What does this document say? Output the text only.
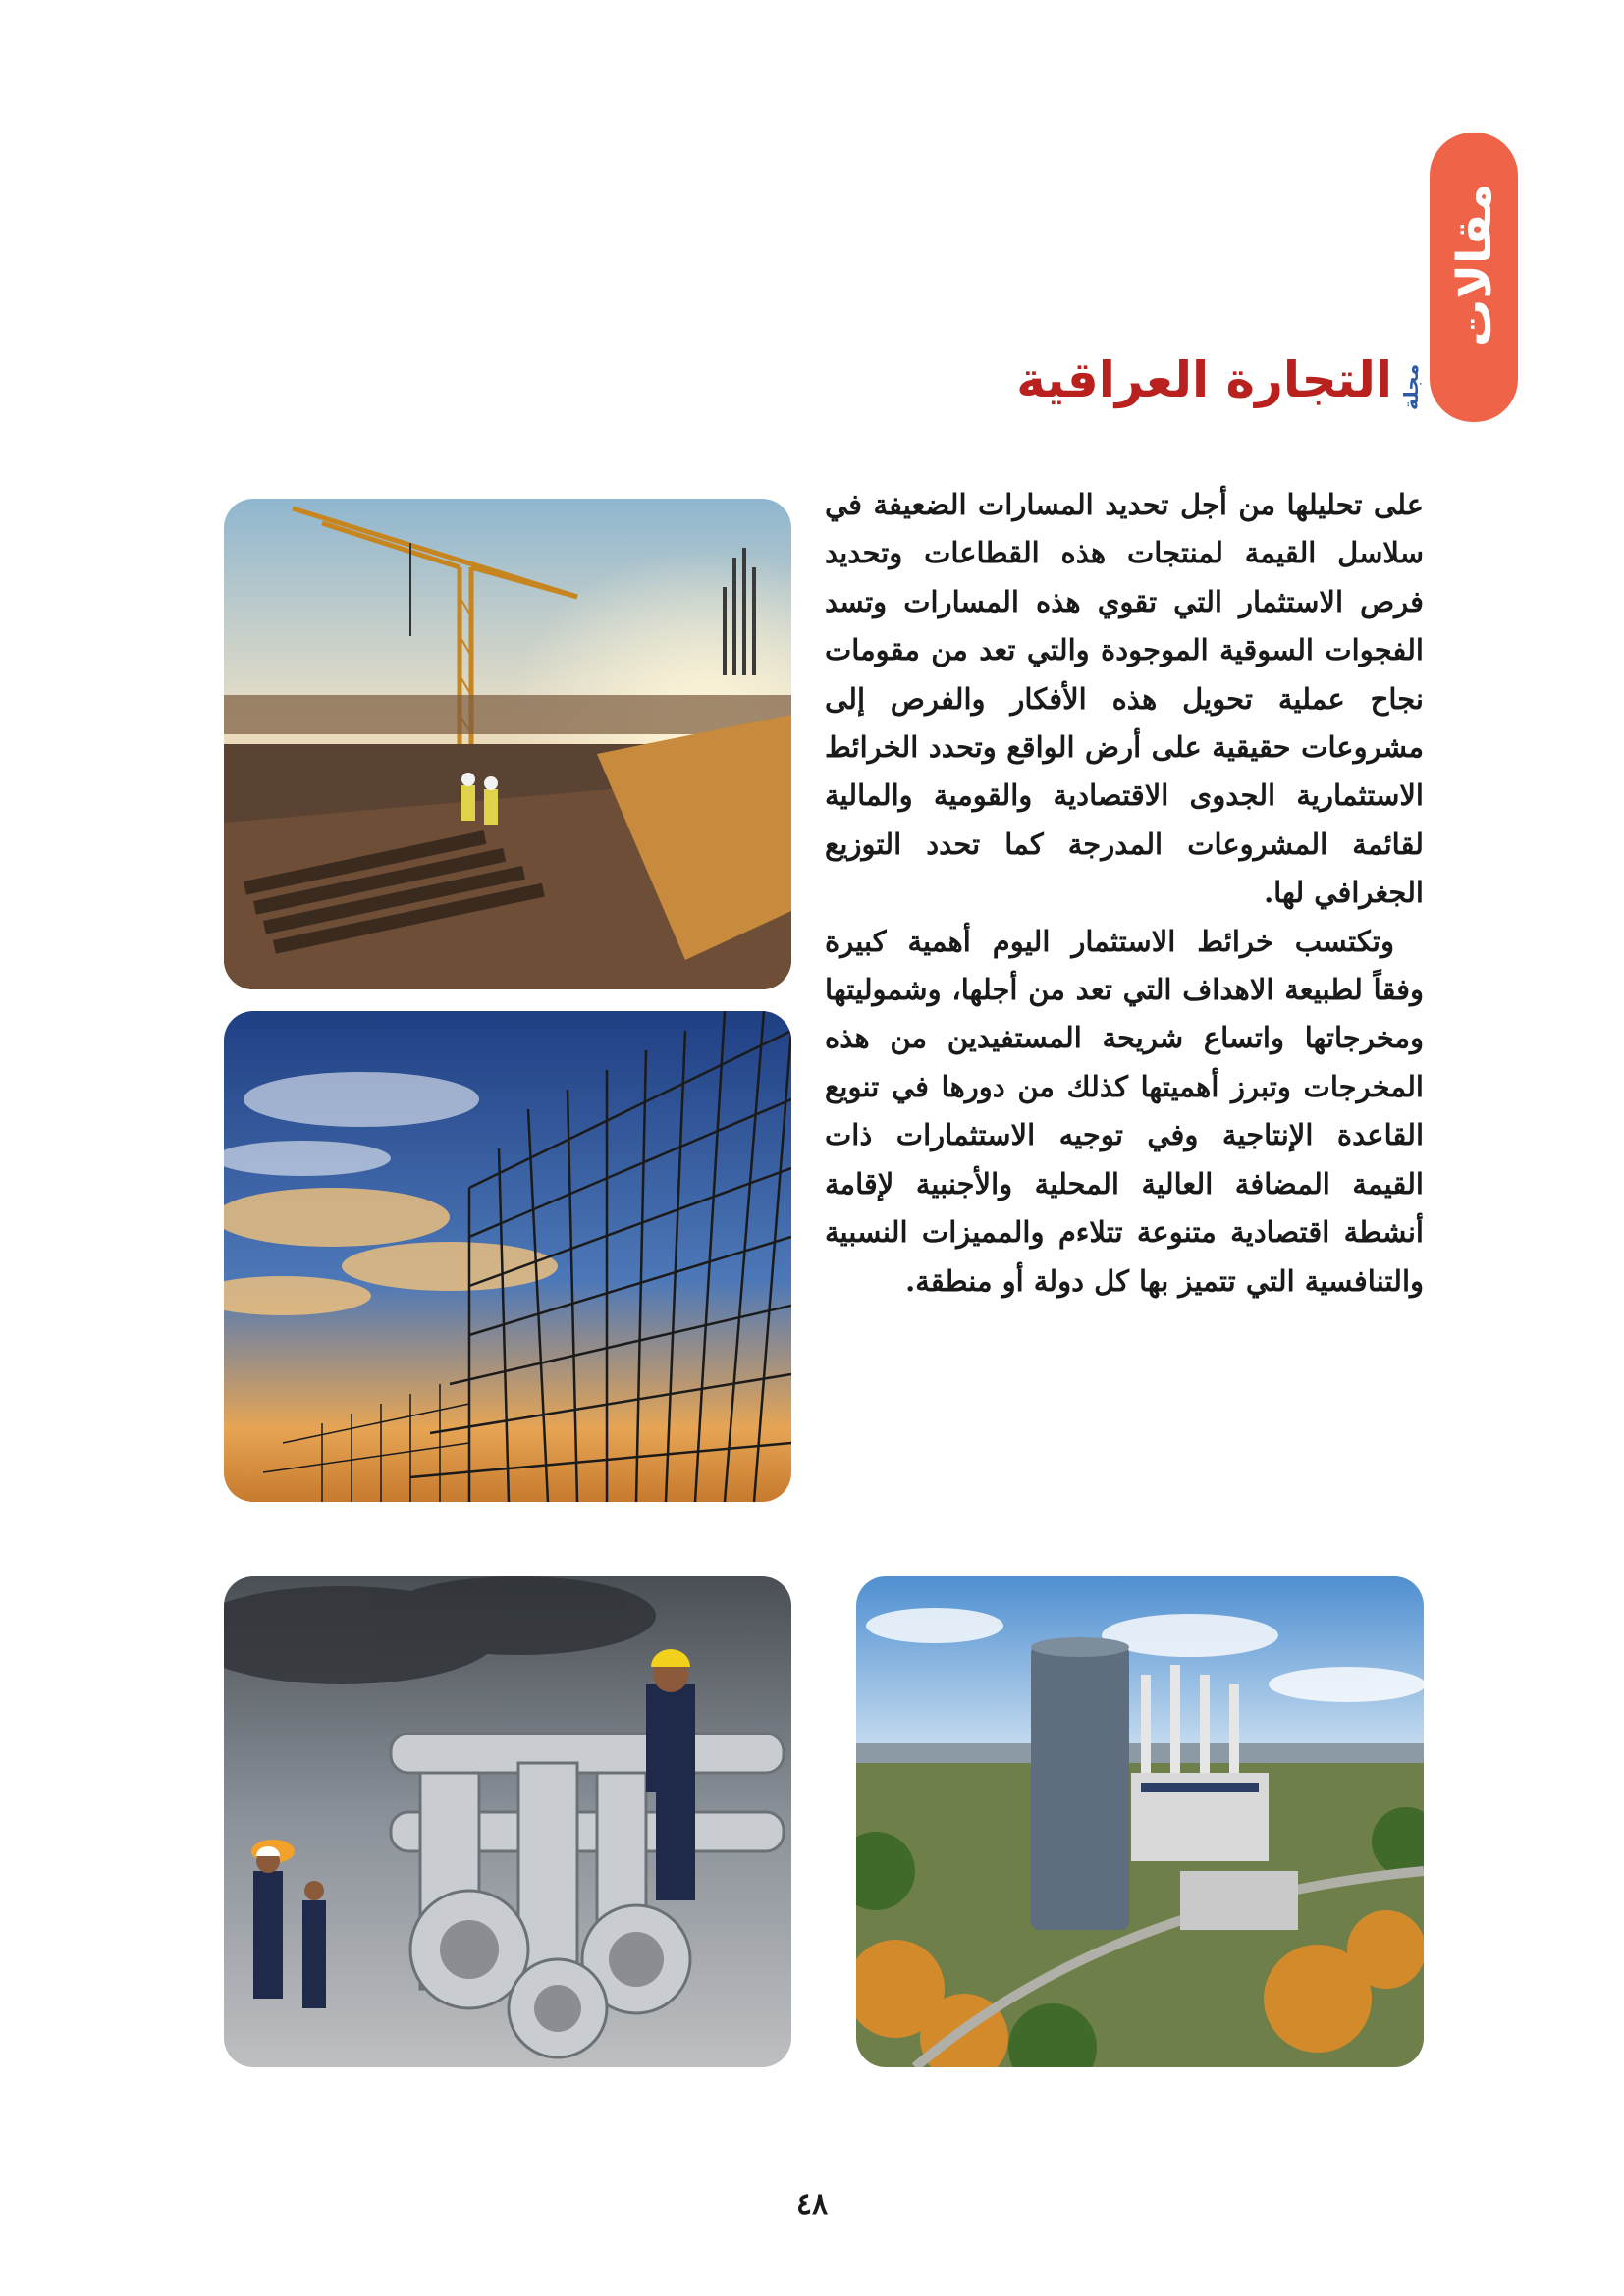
مقالات
التجارة العراقية مجلة

على تحليلها من أجل تحديد المسارات الضعيفة في سلاسل القيمة لمنتجات هذه القطاعات وتحديد فرص الاستثمار التي تقوي هذه المسارات وتسد الفجوات السوقية الموجودة والتي تعد من مقومات نجاح عملية تحويل هذه الأفكار والفرص إلى مشروعات حقيقية على أرض الواقع وتحدد الخرائط الاستثمارية الجدوى الاقتصادية والقومية والمالية لقائمة المشروعات المدرجة كما تحدد التوزيع الجغرافي لها.

وتكتسب خرائط الاستثمار اليوم أهمية كبيرة وفقاً لطبيعة الاهداف التي تعد من أجلها، وشموليتها ومخرجاتها واتساع شريحة المستفيدين من هذه المخرجات وتبرز أهميتها كذلك من دورها في تنويع القاعدة الإنتاجية وفي توجيه الاستثمارات ذات القيمة المضافة العالية المحلية والأجنبية لإقامة أنشطة اقتصادية متنوعة تتلاءم والمميزات النسبية والتنافسية التي تتميز بها كل دولة أو منطقة.

٤٨
